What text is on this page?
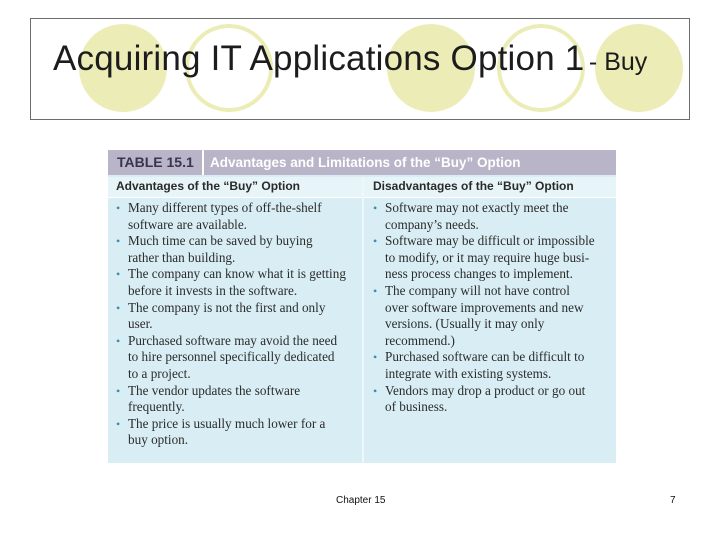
Acquiring IT Applications Option 1 - Buy
TABLE 15.1 Advantages and Limitations of the “Buy” Option
Advantages of the “Buy” Option	Disadvantages of the “Buy” Option
• Many different types of off-the-shelf
software are available.
• Much time can be saved by buying
rather than building.
• The company can know what it is getting
before it invests in the software.
• The company is not the first and only
user.
• Purchased software may avoid the need
to hire personnel specifically dedicated
to a project.
• The vendor updates the software
frequently.
• The price is usually much lower for a
buy option.
• Software may not exactly meet the
company’s needs.
• Software may be difficult or impossible
to modify, or it may require huge busi-
ness process changes to implement.
• The company will not have control
over software improvements and new
versions. (Usually it may only
recommend.)
• Purchased software can be difficult to
integrate with existing systems.
• Vendors may drop a product or go out
of business.
Chapter 15	7
